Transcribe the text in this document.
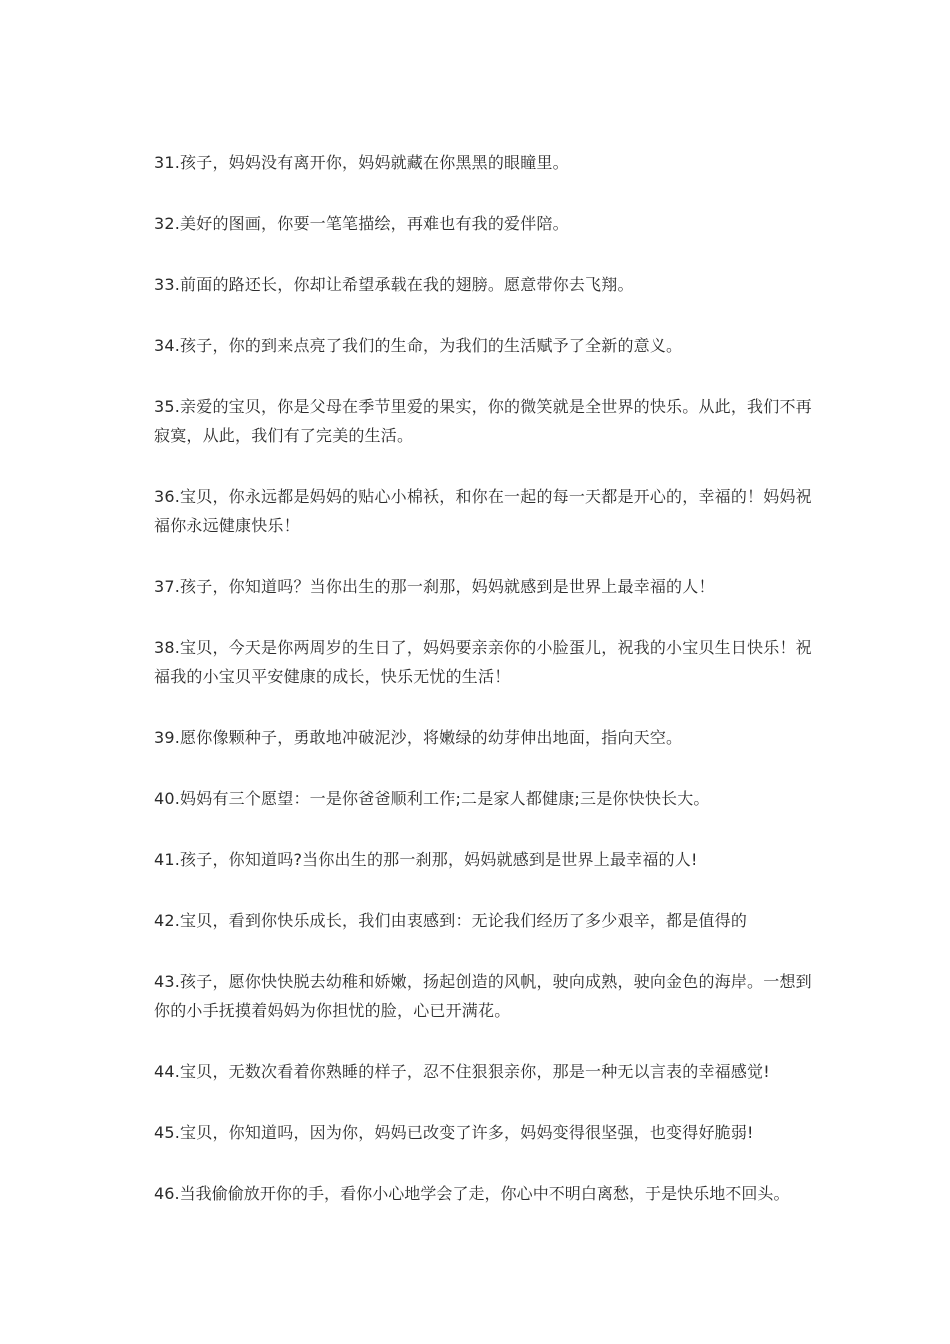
31.孩子，妈妈没有离开你，妈妈就藏在你黑黑的眼瞳里。
32.美好的图画，你要一笔笔描绘，再难也有我的爱伴陪。
33.前面的路还长，你却让希望承载在我的翅膀。愿意带你去飞翔。
34.孩子，你的到来点亮了我们的生命，为我们的生活赋予了全新的意义。
35.亲爱的宝贝，你是父母在季节里爱的果实，你的微笑就是全世界的快乐。从此，我们不再寂寞，从此，我们有了完美的生活。
36.宝贝，你永远都是妈妈的贴心小棉袄，和你在一起的每一天都是开心的，幸福的！妈妈祝福你永远健康快乐！
37.孩子，你知道吗？当你出生的那一刹那，妈妈就感到是世界上最幸福的人！
38.宝贝，今天是你两周岁的生日了，妈妈要亲亲你的小脸蛋儿，祝我的小宝贝生日快乐！祝福我的小宝贝平安健康的成长，快乐无忧的生活！
39.愿你像颗种子，勇敢地冲破泥沙，将嫩绿的幼芽伸出地面，指向天空。
40.妈妈有三个愿望：一是你爸爸顺利工作;二是家人都健康;三是你快快长大。
41.孩子，你知道吗?当你出生的那一刹那，妈妈就感到是世界上最幸福的人!
42.宝贝，看到你快乐成长，我们由衷感到：无论我们经历了多少艰辛，都是值得的
43.孩子，愿你快快脱去幼稚和娇嫩，扬起创造的风帆，驶向成熟，驶向金色的海岸。一想到你的小手抚摸着妈妈为你担忧的脸，心已开满花。
44.宝贝，无数次看着你熟睡的样子，忍不住狠狠亲你，那是一种无以言表的幸福感觉!
45.宝贝，你知道吗，因为你，妈妈已改变了许多，妈妈变得很坚强，也变得好脆弱!
46.当我偷偷放开你的手，看你小心地学会了走，你心中不明白离愁，于是快乐地不回头。
